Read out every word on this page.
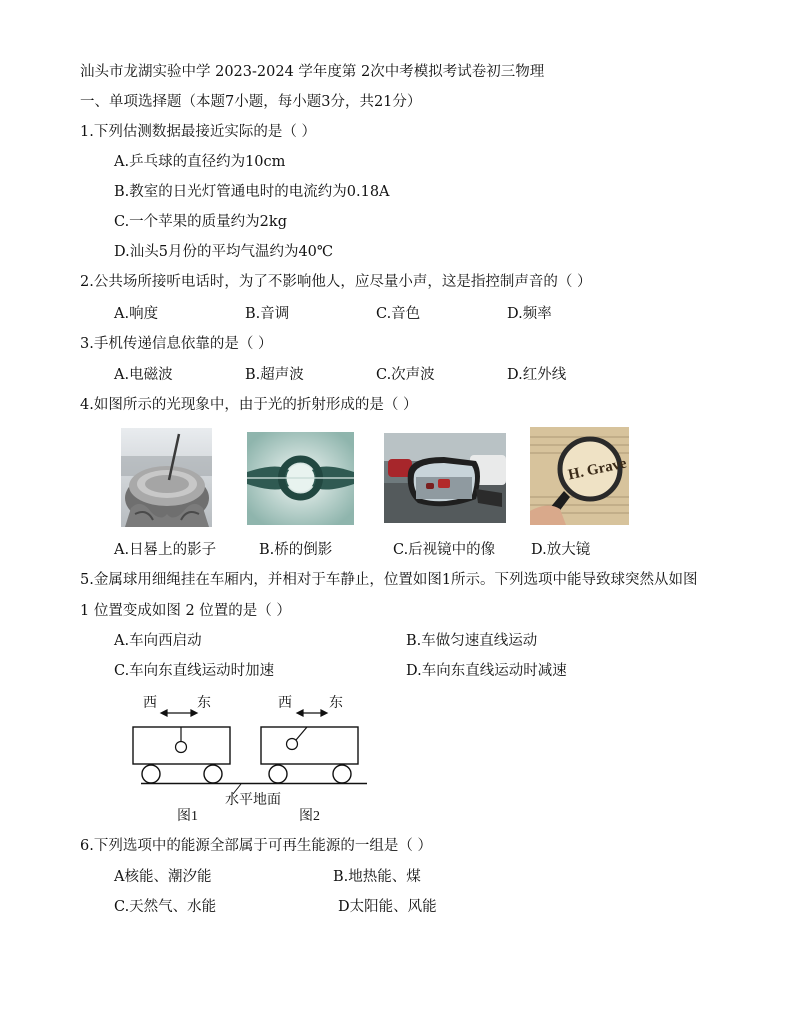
汕头市龙湖实验中学 2023-2024 学年度第 2次中考模拟考试卷初三物理
一、单项选择题（本题7小题，每小题3分，共21分）
1.下列估测数据最接近实际的是（ ）
A.乒乓球的直径约为10cm
B.教室的日光灯管通电时的电流约为0.18A
C.一个苹果的质量约为2kg
D.汕头5月份的平均气温约为40℃
2.公共场所接听电话时，为了不影响他人，应尽量小声，这是指控制声音的（ ）
A.响度	B.音调	C.音色	D.频率
3.手机传递信息依靠的是（ ）
A.电磁波	B.超声波	C.次声波	D.红外线
4.如图所示的光现象中，由于光的折射形成的是（ ）
H. Grave
A.日晷上的影子	B.桥的倒影	C.后视镜中的像 D.放大镜
5.金属球用细绳挂在车厢内，并相对于车静止，位置如图1所示。下列选项中能导致球突然从如图
1 位置变成如图 2 位置的是（ ）
A.车向西启动	B.车做匀速直线运动
C.车向东直线运动时加速	D.车向东直线运动时减速
西	东	西	东
水平地面
图1	图2
6.下列选项中的能源全部属于可再生能源的一组是（ ）
A核能、潮汐能	B.地热能、煤
C.天然气、水能	D太阳能、风能
